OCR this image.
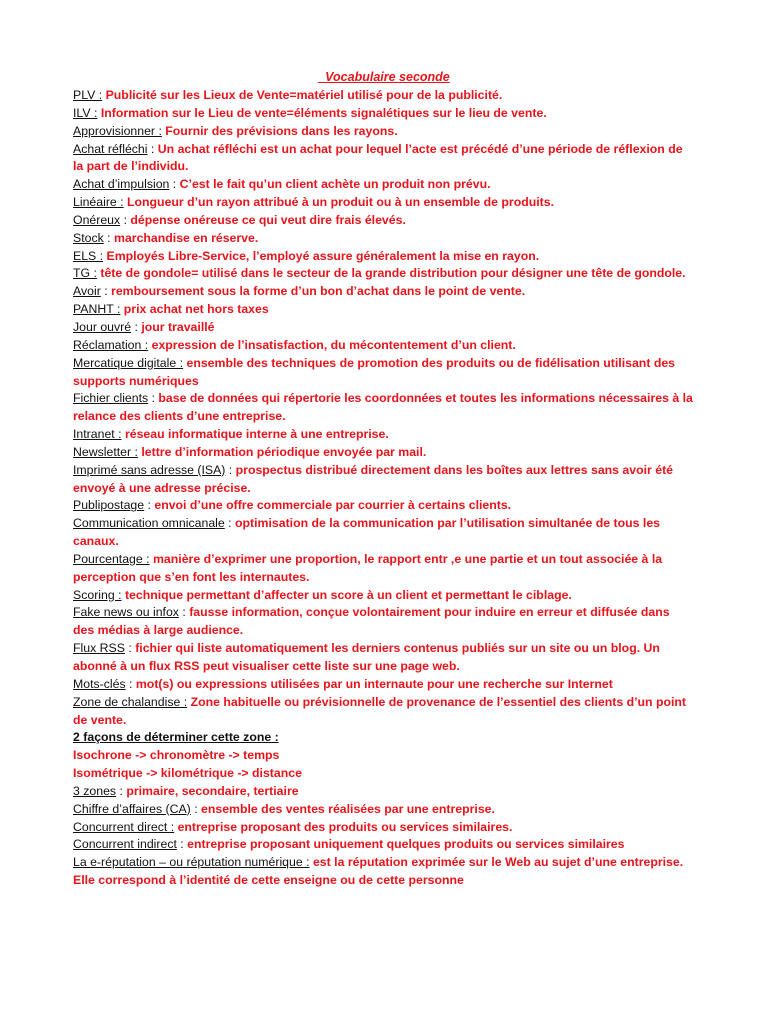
_Vocabulaire seconde

PLV : Publicité sur les Lieux de Vente=matériel utilisé pour de la publicité.

ILV : Information sur le Lieu de vente=éléments signalétiques sur le lieu de vente.

Approvisionner : Fournir des prévisions dans les rayons.

Achat réfléchi : Un achat réfléchi est un achat pour lequel l’acte est précédé d’une période de réflexion de la part de l’individu.

Achat d’impulsion : C’est le fait qu’un client achète un produit non prévu.

Linéaire : Longueur d’un rayon attribué à un produit ou à un ensemble de produits.

Onéreux : dépense onéreuse ce qui veut dire frais élevés.

Stock : marchandise en réserve.

ELS : Employés Libre-Service, l’employé assure généralement la mise en rayon.

TG : tête de gondole= utilisé dans le secteur de la grande distribution pour désigner une tête de gondole.

Avoir : remboursement sous la forme d’un bon d’achat dans le point de vente.

PANHT : prix achat net hors taxes

Jour ouvré : jour travaillé

Réclamation : expression de l’insatisfaction, du mécontentement d’un client.

Mercatique digitale : ensemble des techniques de promotion des produits ou de fidélisation utilisant des supports numériques

Fichier clients : base de données qui répertorie les coordonnées et toutes les informations nécessaires à la relance des clients d’une entreprise.

Intranet : réseau informatique interne à une entreprise.

Newsletter : lettre d’information périodique envoyée par mail.

Imprimé sans adresse (ISA) : prospectus distribué directement dans les boîtes aux lettres sans avoir été envoyé à une adresse précise.

Publipostage : envoi d’une offre commerciale par courrier à certains clients.

Communication omnicanale : optimisation de la communication par l’utilisation simultanée de tous les canaux.

Pourcentage : manière d’exprimer une proportion, le rapport entr ,e une partie et un tout associée à la perception que s’en font les internautes.

Scoring : technique permettant d’affecter un score à un client et permettant le ciblage.

Fake news ou infox : fausse information, conçue volontairement pour induire en erreur et diffusée dans des médias à large audience.

Flux RSS : fichier qui liste automatiquement les derniers contenus publiés sur un site ou un blog. Un abonné à un flux RSS peut visualiser cette liste sur une page web.

Mots-clés : mot(s) ou expressions utilisées par un internaute pour une recherche sur Internet

Zone de chalandise : Zone habituelle ou prévisionnelle de provenance de l’essentiel des clients d’un point de vente.

2 façons de déterminer cette zone :

Isochrone -> chronomètre -> temps

Isométrique -> kilométrique -> distance

3 zones : primaire, secondaire, tertiaire

Chiffre d’affaires (CA) : ensemble des ventes réalisées par une entreprise.

Concurrent direct : entreprise proposant des produits ou services similaires.

Concurrent indirect : entreprise proposant uniquement quelques produits ou services similaires

La e-réputation – ou réputation numérique : est la réputation exprimée sur le Web au sujet d’une entreprise. Elle correspond à l’identité de cette enseigne ou de cette personne
